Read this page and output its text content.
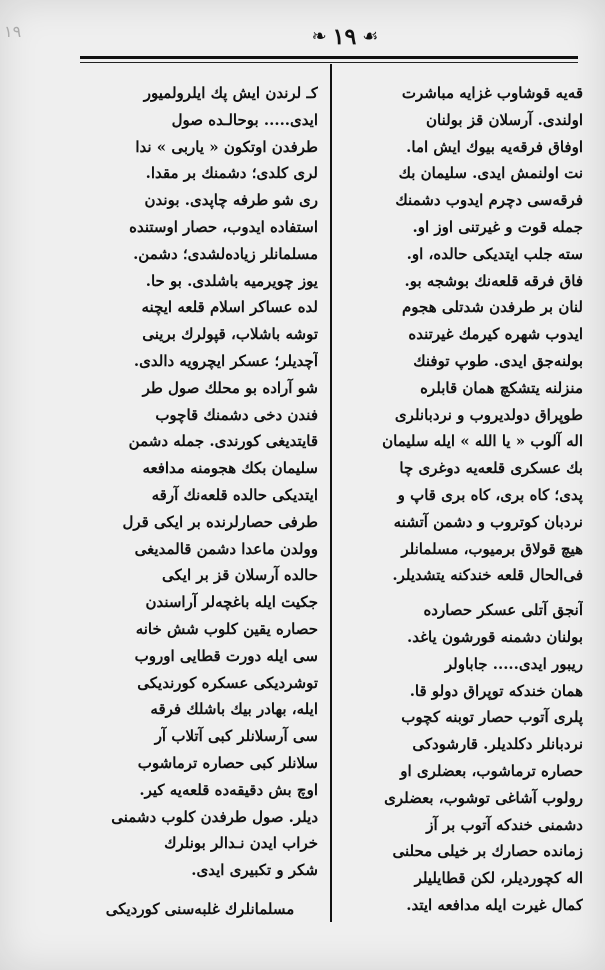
١٩	❧ ١٩ ☙
قه‌یه قوشاوب غزایه مباشرت
اولندی. آرسلان قز بولنان
اوفاق فرقه‌یه بیوك ایش اما.
نت اولنمش ایدی. سلیمان بك
فرقه‌سی دچرم ایدوب دشمنك
جمله قوت و غیرتنی اوز او.
سته جلب ایتدیكی حالده، او.
فاق فرقه قلعه‌نك بوشجه بو.
لنان بر طرفدن شدتلی هجوم
ایدوب شهره كیرمك غیرتنده
بولنه‌جق ایدی. طوپ توفنك
منزلنه یتشكچ همان قابلره
طوپراق دولدیروب و نردبانلری
اله آلوب « یا الله » ایله سلیمان
بك عسكری قلعه‌یه دوغری چا
پدی؛ كاه بری، كاه بری قاپ و
نردبان كوتروب و دشمن آتشنه
هیچ قولاق برمیوب، مسلمانلر
فی‌الحال قلعه خندكنه یتشدیلر.
آنجق آتلی عسكر حصارده
بولنان دشمنه قورشون یاغد.
ریبور ایدی..... جاباولر
همان خندكه توپراق دولو قا.
پلری آتوب حصار توبنه كچوب
نردبانلر دكلدیلر. قارشودكی
حصاره ترماشوب، بعضلری او
رولوب آشاغی توشوب، بعضلری
دشمنی خندكه آتوب بر آز
زمانده حصارك بر خیلی محلنی
اله كچوردیلر، لكن قطایلیلر
كمال غیرت ایله مدافعه ایتد.
كـ لرندن ایش پك ایلرولمیور
ایدی..... بوحالـده صول
طرفدن اوتكون « یاربی » ندا
لری كلدی؛ دشمنك بر مقدا.
ری شو طرفه چاپدی. بوندن
استفاده ایدوب، حصار اوستنده
مسلمانلر زیاده‌لشدی؛ دشمن.
یوز چویرمیه باشلدی. بو حا.
لده عساكر اسلام قلعه ایچنه
توشه باشلاب، قپولرك برینی
آچدیلر؛ عسكر ایچرویه دالدی.
شو آراده بو محلك صول طر
فندن دخی دشمنك قاچوب
قایتدیغی كورندی. جمله دشمن
سلیمان بكك هجومنه مدافعه
ایتدیكی حالده قلعه‌نك آرقه
طرفی حصارلرنده بر ایكی قرل
وولدن ماعدا دشمن قالمدیغی
حالده آرسلان قز بر ایكی
جكیت ایله باغچه‌لر آراسندن
حصاره یقین كلوب شش خانه
سی ایله دورت قطایی اوروب
توشردیكی عسكره كورندیكی
ایله، بهادر بیك باشلك فرقه
سی آرسلانلر كبی آتلاب آر
سلانلر كبی حصاره ترماشوب
اوچ بش دقیقه‌ده قلعه‌یه كیر.
دیلر. صول طرفدن كلوب دشمنی
خراب ایدن نـدالر بونلرك
شكر و تكبیری ایدی.
مسلمانلرك غلبه‌سنی كوردیكی
